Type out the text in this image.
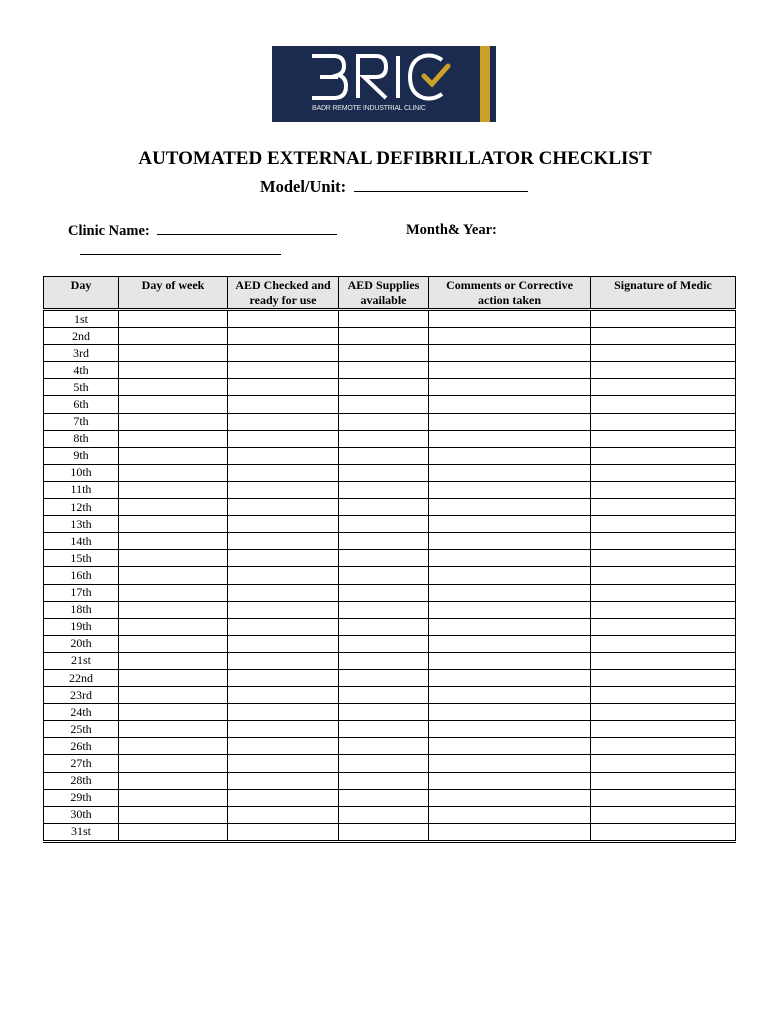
BADR REMOTE INDUSTRIAL CLINIC
AUTOMATED EXTERNAL DEFIBRILLATOR CHECKLIST
Model/Unit:
Clinic Name:	Month& Year:
Day	Day of week	AED Checked and ready for use	AED Supplies available	Comments or Corrective action taken	Signature of Medic
1st					
2nd					
3rd					
4th					
5th					
6th					
7th					
8th					
9th					
10th					
11th					
12th					
13th					
14th					
15th					
16th					
17th					
18th					
19th					
20th					
21st					
22nd					
23rd					
24th					
25th					
26th					
27th					
28th					
29th					
30th					
31st					
